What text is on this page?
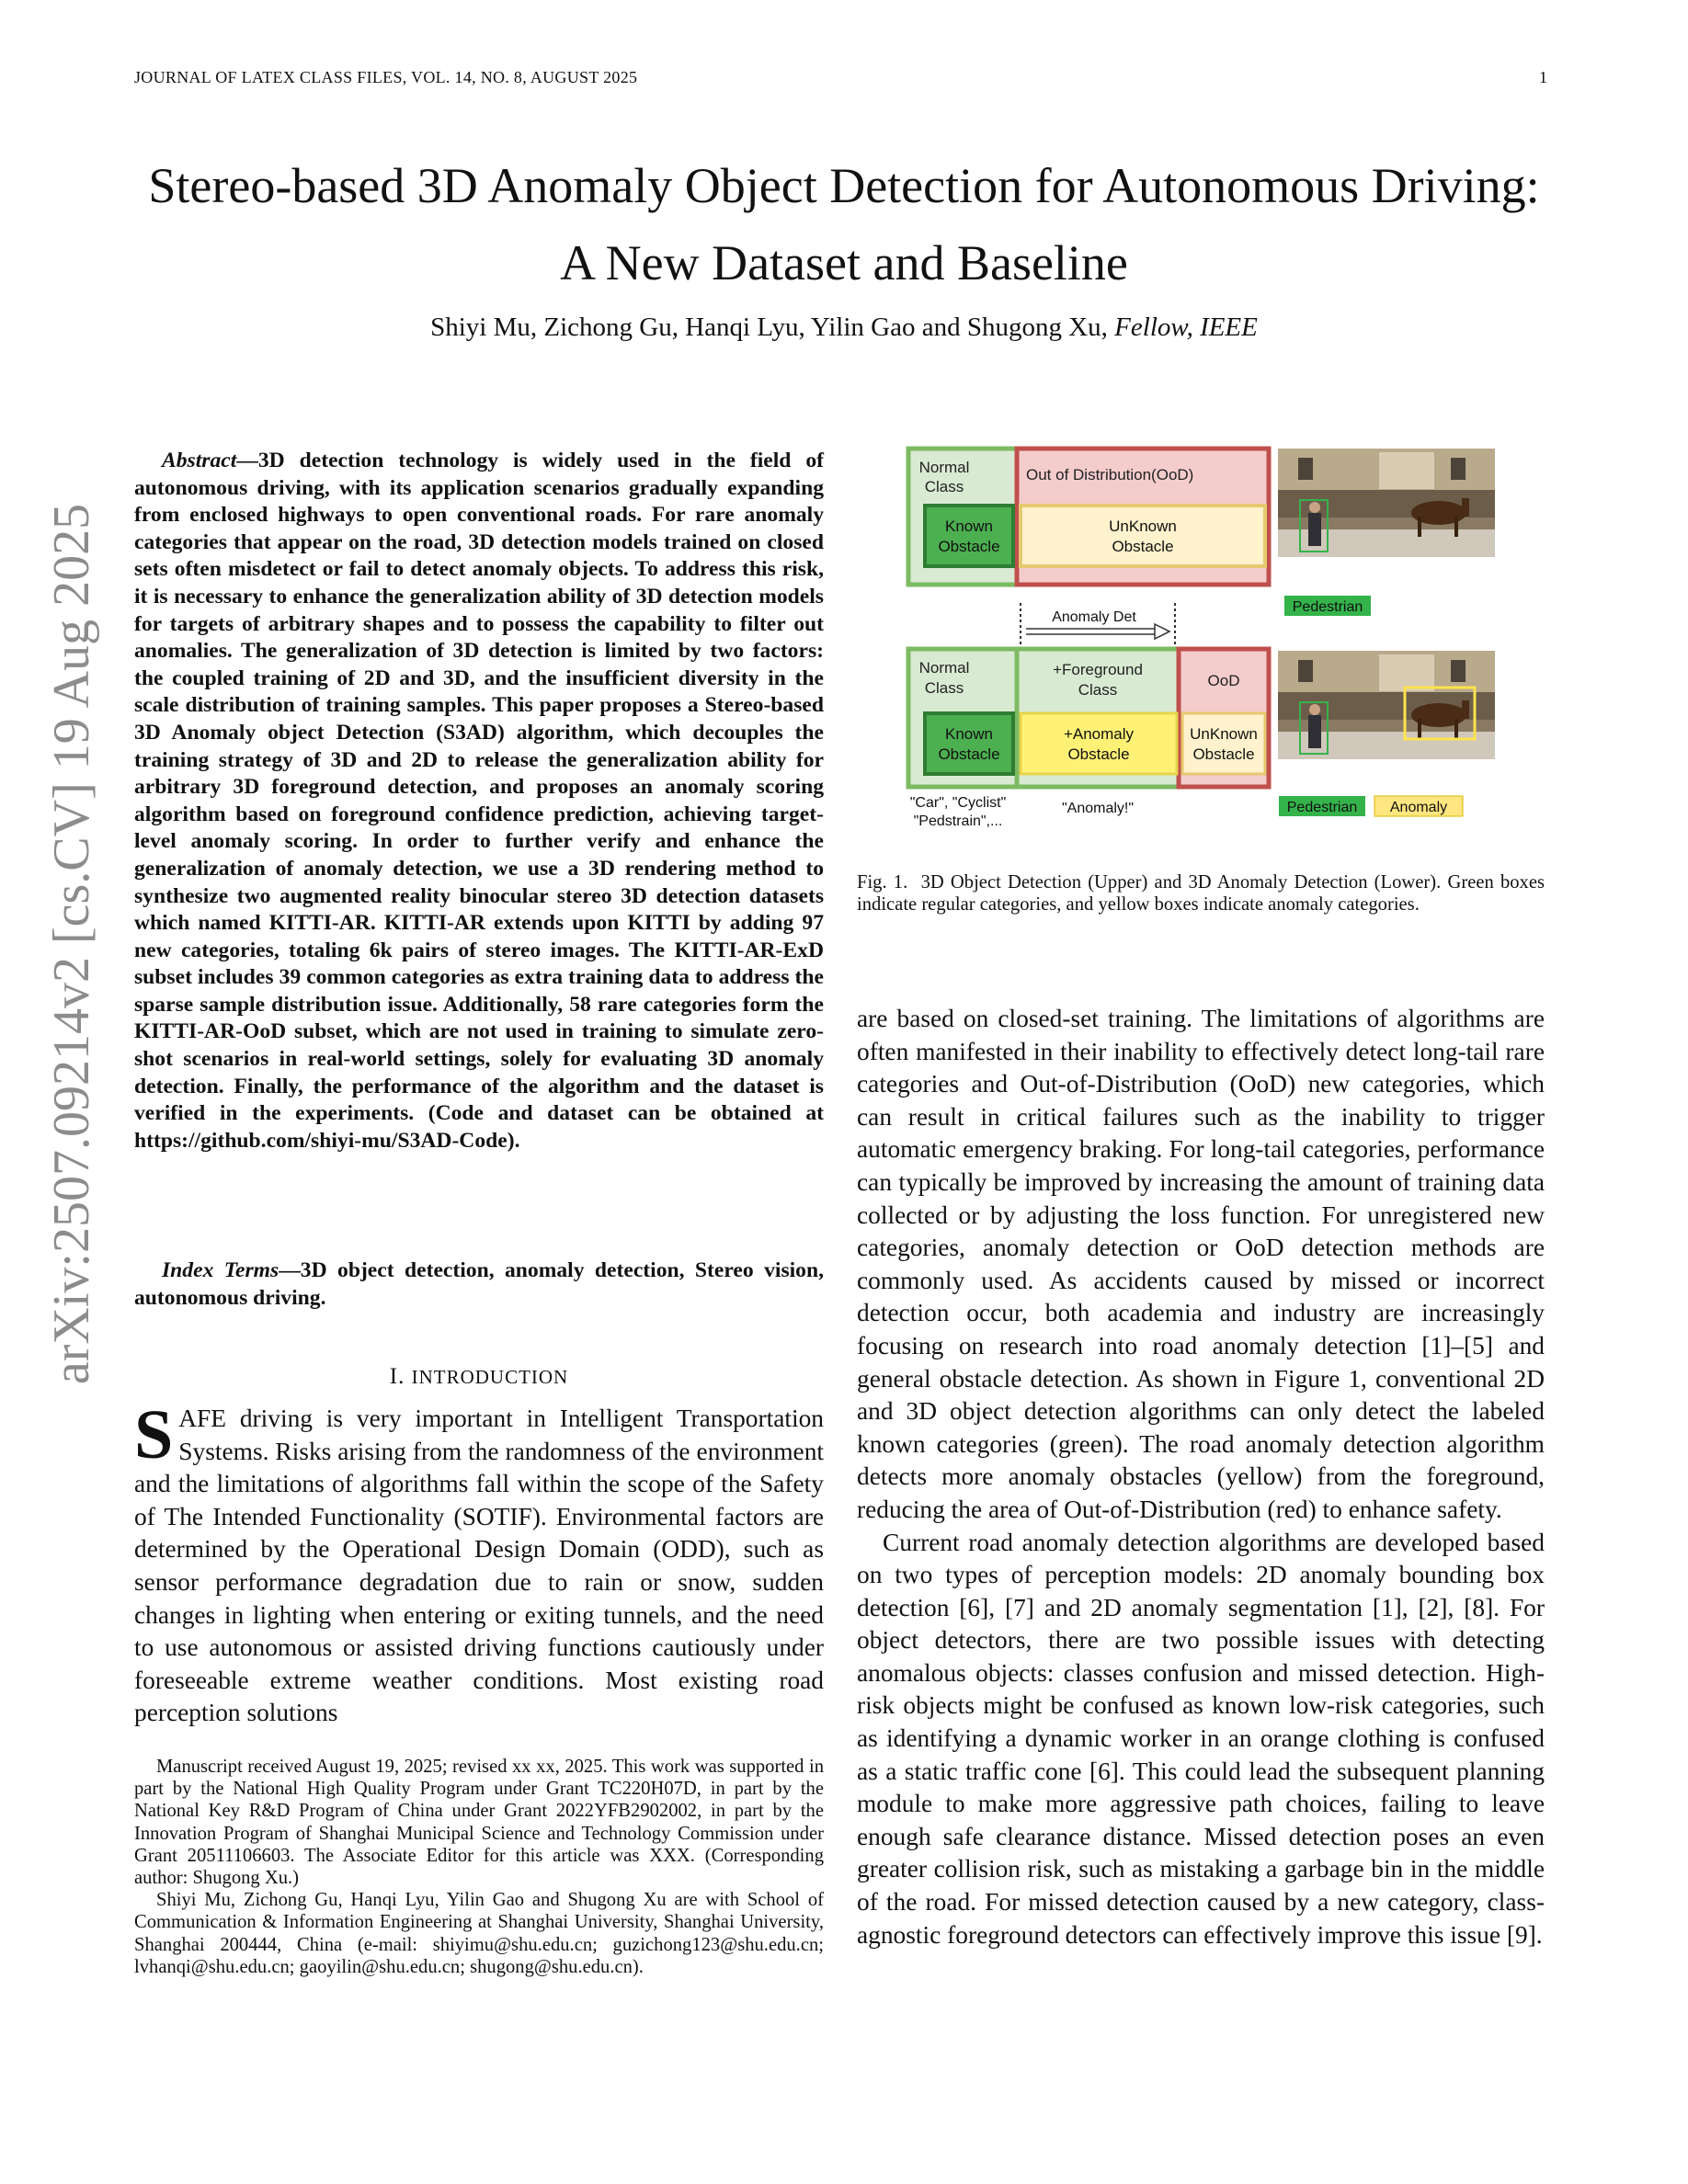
JOURNAL OF LATEX CLASS FILES, VOL. 14, NO. 8, AUGUST 2025	1
Stereo-based 3D Anomaly Object Detection for Autonomous Driving:
A New Dataset and Baseline
Shiyi Mu, Zichong Gu, Hanqi Lyu, Yilin Gao and Shugong Xu, Fellow, IEEE
arXiv:2507.09214v2 [cs.CV] 19 Aug 2025
Abstract—3D detection technology is widely used in the field of autonomous driving, with its application scenarios gradually expanding from enclosed highways to open conventional roads. For rare anomaly categories that appear on the road, 3D detection models trained on closed sets often misdetect or fail to detect anomaly objects. To address this risk, it is necessary to enhance the generalization ability of 3D detection models for targets of arbitrary shapes and to possess the capability to filter out anomalies. The generalization of 3D detection is limited by two factors: the coupled training of 2D and 3D, and the insufficient diversity in the scale distribution of training samples. This paper proposes a Stereo-based 3D Anomaly object Detection (S3AD) algorithm, which decouples the training strategy of 3D and 2D to release the generalization ability for arbitrary 3D foreground detection, and proposes an anomaly scoring algorithm based on foreground confidence prediction, achieving target-level anomaly scoring. In order to further verify and enhance the generalization of anomaly detection, we use a 3D rendering method to synthesize two augmented reality binocular stereo 3D detection datasets which named KITTI-AR. KITTI-AR extends upon KITTI by adding 97 new categories, totaling 6k pairs of stereo images. The KITTI-AR-ExD subset includes 39 common categories as extra training data to address the sparse sample distribution issue. Additionally, 58 rare categories form the KITTI-AR-OoD subset, which are not used in training to simulate zero-shot scenarios in real-world settings, solely for evaluating 3D anomaly detection. Finally, the performance of the algorithm and the dataset is verified in the experiments. (Code and dataset can be obtained at https://github.com/shiyi-mu/S3AD-Code).
Index Terms—3D object detection, anomaly detection, Stereo vision, autonomous driving.
I. INTRODUCTION
SAFE driving is very important in Intelligent Transportation Systems. Risks arising from the randomness of the environment and the limitations of algorithms fall within the scope of the Safety of The Intended Functionality (SOTIF). Environmental factors are determined by the Operational Design Domain (ODD), such as sensor performance degradation due to rain or snow, sudden changes in lighting when entering or exiting tunnels, and the need to use autonomous or assisted driving functions cautiously under foreseeable extreme weather conditions. Most existing road perception solutions

Manuscript received August 19, 2025; revised xx xx, 2025. This work was supported in part by the National High Quality Program under Grant TC220H07D, in part by the National Key R&D Program of China under Grant 2022YFB2902002, in part by the Innovation Program of Shanghai Municipal Science and Technology Commission under Grant 20511106603. The Associate Editor for this article was XXX. (Corresponding author: Shugong Xu.)

Shiyi Mu, Zichong Gu, Hanqi Lyu, Yilin Gao and Shugong Xu are with School of Communication & Information Engineering at Shanghai University, Shanghai University, Shanghai 200444, China (e-mail: shiyimu@shu.edu.cn; guzichong123@shu.edu.cn; lvhanqi@shu.edu.cn; gaoyilin@shu.edu.cn; shugong@shu.edu.cn).

Normal
Class
Out of Distribution(OoD)
Known
Obstacle
UnKnown
Obstacle
Pedestrian
Anomaly Det
Normal
Class
+Foreground
Class
OoD
Known
Obstacle
+Anomaly
Obstacle
UnKnown
Obstacle
"Car", "Cyclist"
"Pedstrain",...
"Anomaly!"	Pedestrian Anomaly
Fig. 1. 3D Object Detection (Upper) and 3D Anomaly Detection (Lower). Green boxes indicate regular categories, and yellow boxes indicate anomaly categories.

are based on closed-set training. The limitations of algorithms are often manifested in their inability to effectively detect long-tail rare categories and Out-of-Distribution (OoD) new categories, which can result in critical failures such as the inability to trigger automatic emergency braking. For long-tail categories, performance can typically be improved by increasing the amount of training data collected or by adjusting the loss function. For unregistered new categories, anomaly detection or OoD detection methods are commonly used. As accidents caused by missed or incorrect detection occur, both academia and industry are increasingly focusing on research into road anomaly detection [1]–[5] and general obstacle detection. As shown in Figure 1, conventional 2D and 3D object detection algorithms can only detect the labeled known categories (green). The road anomaly detection algorithm detects more anomaly obstacles (yellow) from the foreground, reducing the area of Out-of-Distribution (red) to enhance safety.

Current road anomaly detection algorithms are developed based on two types of perception models: 2D anomaly bounding box detection [6], [7] and 2D anomaly segmentation [1], [2], [8]. For object detectors, there are two possible issues with detecting anomalous objects: classes confusion and missed detection. High-risk objects might be confused as known low-risk categories, such as identifying a dynamic worker in an orange clothing is confused as a static traffic cone [6]. This could lead the subsequent planning module to make more aggressive path choices, failing to leave enough safe clearance distance. Missed detection poses an even greater collision risk, such as mistaking a garbage bin in the middle of the road. For missed detection caused by a new category, class-agnostic foreground detectors can effectively improve this issue [9].
